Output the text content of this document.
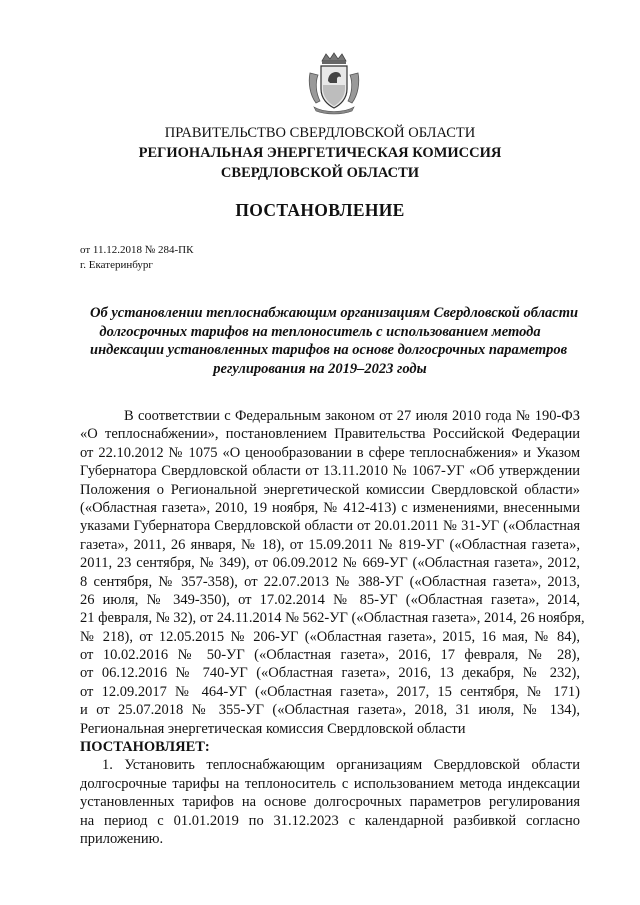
ПРАВИТЕЛЬСТВО СВЕРДЛОВСКОЙ ОБЛАСТИ
РЕГИОНАЛЬНАЯ ЭНЕРГЕТИЧЕСКАЯ КОМИССИЯ
СВЕРДЛОВСКОЙ ОБЛАСТИ
ПОСТАНОВЛЕНИЕ
от 11.12.2018 № 284-ПК
г. Екатеринбург
Об установлении теплоснабжающим организациям Свердловской области
долгосрочных тарифов на теплоноситель с использованием метода
индексации установленных тарифов на основе долгосрочных параметров
регулирования на 2019–2023 годы
В соответствии с Федеральным законом от 27 июля 2010 года № 190-ФЗ
«О теплоснабжении», постановлением Правительства Российской Федерации
от 22.10.2012 № 1075 «О ценообразовании в сфере теплоснабжения» и Указом
Губернатора Свердловской области от 13.11.2010 № 1067-УГ «Об утверждении
Положения о Региональной энергетической комиссии Свердловской области»
(«Областная газета», 2010, 19 ноября, № 412-413) с изменениями, внесенными
указами Губернатора Свердловской области от 20.01.2011 № 31-УГ («Областная
газета», 2011, 26 января, № 18), от 15.09.2011 № 819-УГ («Областная газета»,
2011, 23 сентября, № 349), от 06.09.2012 № 669-УГ («Областная газета», 2012,
8 сентября, № 357-358), от 22.07.2013 № 388-УГ («Областная газета», 2013,
26 июля, № 349-350), от 17.02.2014 № 85-УГ («Областная газета», 2014,
21 февраля, № 32), от 24.11.2014 № 562-УГ («Областная газета», 2014, 26 ноября,
№ 218), от 12.05.2015 № 206-УГ («Областная газета», 2015, 16 мая, № 84),
от 10.02.2016 № 50-УГ («Областная газета», 2016, 17 февраля, № 28),
от 06.12.2016 № 740-УГ («Областная газета», 2016, 13 декабря, № 232),
от 12.09.2017 № 464-УГ («Областная газета», 2017, 15 сентября, № 171)
и от 25.07.2018 № 355-УГ («Областная газета», 2018, 31 июля, № 134),
Региональная энергетическая комиссия Свердловской области
ПОСТАНОВЛЯЕТ:
1. Установить теплоснабжающим организациям Свердловской области
долгосрочные тарифы на теплоноситель с использованием метода индексации
установленных тарифов на основе долгосрочных параметров регулирования
на период с 01.01.2019 по 31.12.2023 с календарной разбивкой согласно
приложению.
